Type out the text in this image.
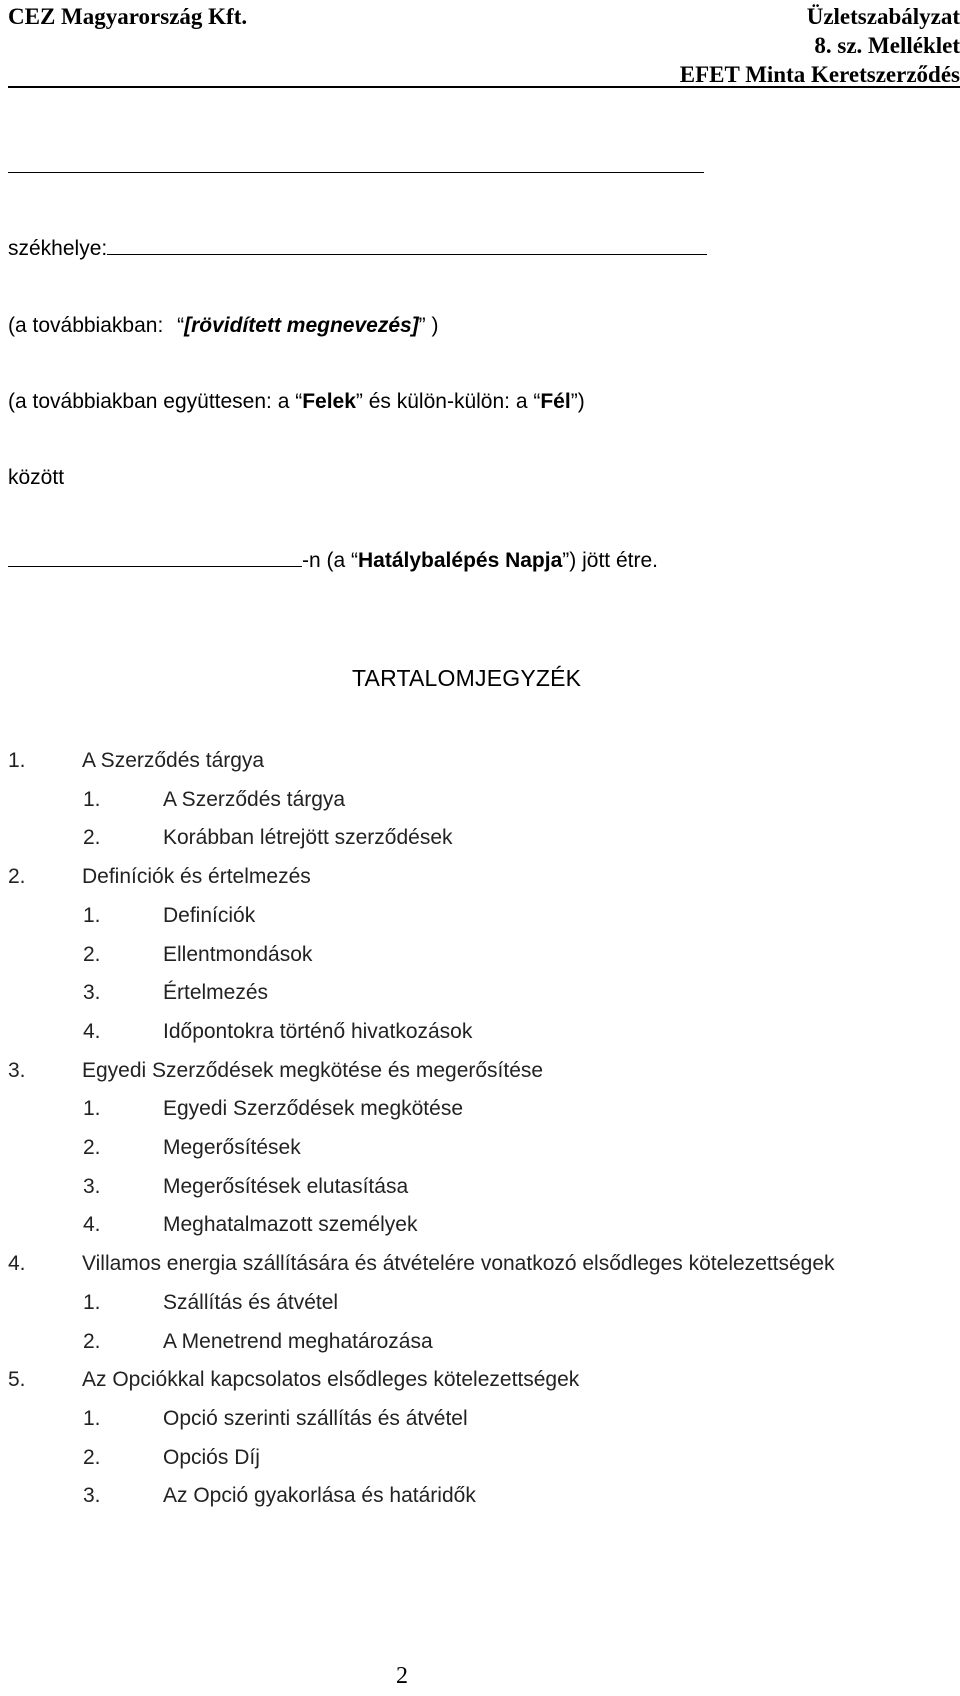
CEZ Magyarország Kft.	Üzletszabályzat
8. sz. Melléklet
EFET Minta Keretszerződés
székhelye:
(a továbbiakban: “[rövidített megnevezés]” )
(a továbbiakban együttesen: a “Felek” és külön-külön: a “Fél”)
között
-n (a “Hatálybalépés Napja”) jött étre.
TARTALOMJEGYZÉK
1.	A Szerződés tárgya
1.	A Szerződés tárgya
2.	Korábban létrejött szerződések
2.	Definíciók és értelmezés
1.	Definíciók
2.	Ellentmondások
3.	Értelmezés
4.	Időpontokra történő hivatkozások
3.	Egyedi Szerződések megkötése és megerősítése
1.	Egyedi Szerződések megkötése
2.	Megerősítések
3.	Megerősítések elutasítása
4.	Meghatalmazott személyek
4.	Villamos energia szállítására és átvételére vonatkozó elsődleges kötelezettségek
1.	Szállítás és átvétel
2.	A Menetrend meghatározása
5.	Az Opciókkal kapcsolatos elsődleges kötelezettségek
1.	Opció szerinti szállítás és átvétel
2.	Opciós Díj
3.	Az Opció gyakorlása és határidők
2
